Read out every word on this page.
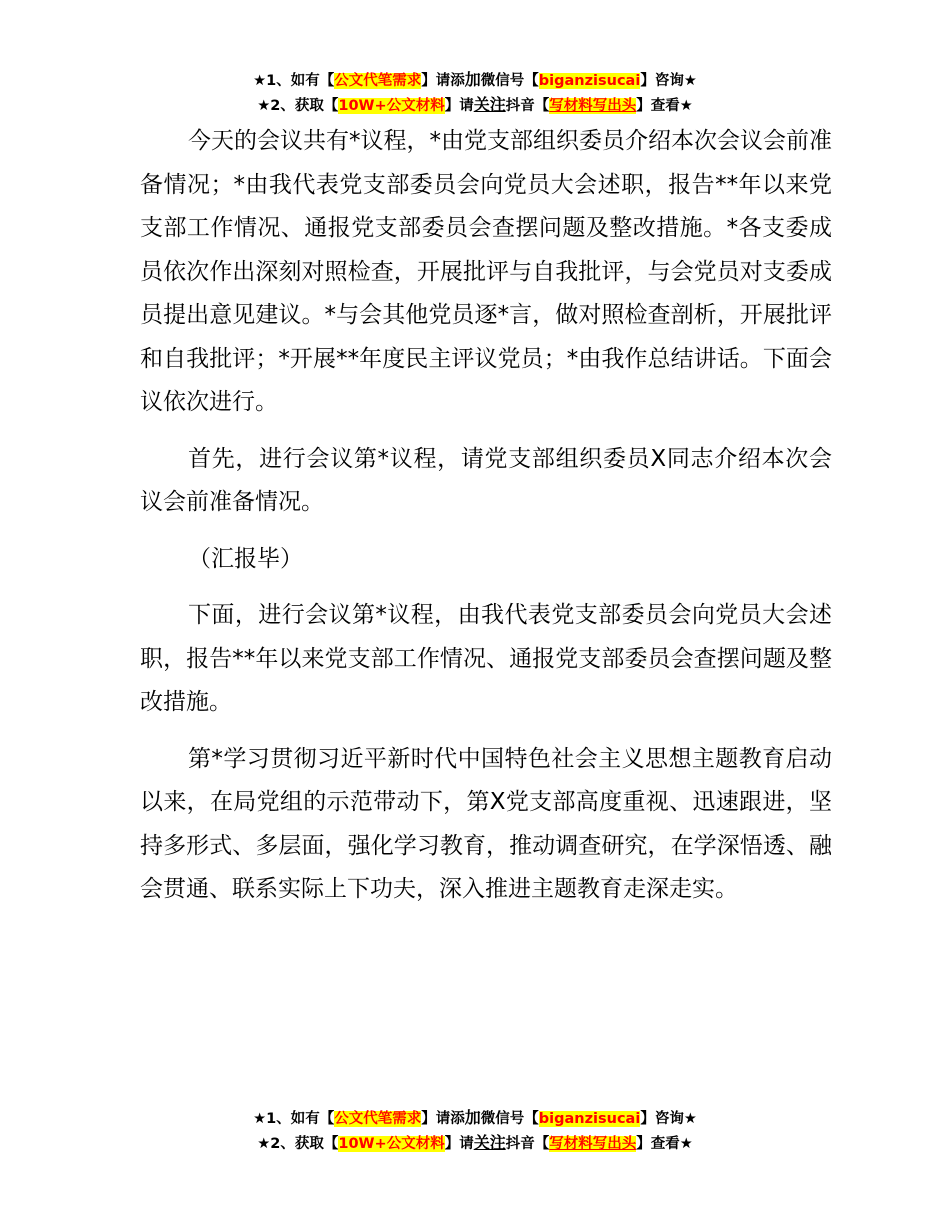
★1、如有【公文代笔需求】请添加微信号【biganzisucai】咨询★
★2、获取【10W+公文材料】请关注抖音【写材料写出头】查看★

今天的会议共有*议程，*由党支部组织委员介绍本次会议会前准备情况；*由我代表党支部委员会向党员大会述职，报告**年以来党支部工作情况、通报党支部委员会查摆问题及整改措施。*各支委成员依次作出深刻对照检查，开展批评与自我批评，与会党员对支委成员提出意见建议。*与会其他党员逐*言，做对照检查剖析，开展批评和自我批评；*开展**年度民主评议党员；*由我作总结讲话。下面会议依次进行。

首先，进行会议第*议程，请党支部组织委员X同志介绍本次会议会前准备情况。

（汇报毕）

下面，进行会议第*议程，由我代表党支部委员会向党员大会述职，报告**年以来党支部工作情况、通报党支部委员会查摆问题及整改措施。

第*学习贯彻习近平新时代中国特色社会主义思想主题教育启动以来，在局党组的示范带动下，第X党支部高度重视、迅速跟进，坚持多形式、多层面，强化学习教育，推动调查研究，在学深悟透、融会贯通、联系实际上下功夫，深入推进主题教育走深走实。

★1、如有【公文代笔需求】请添加微信号【biganzisucai】咨询★
★2、获取【10W+公文材料】请关注抖音【写材料写出头】查看★
